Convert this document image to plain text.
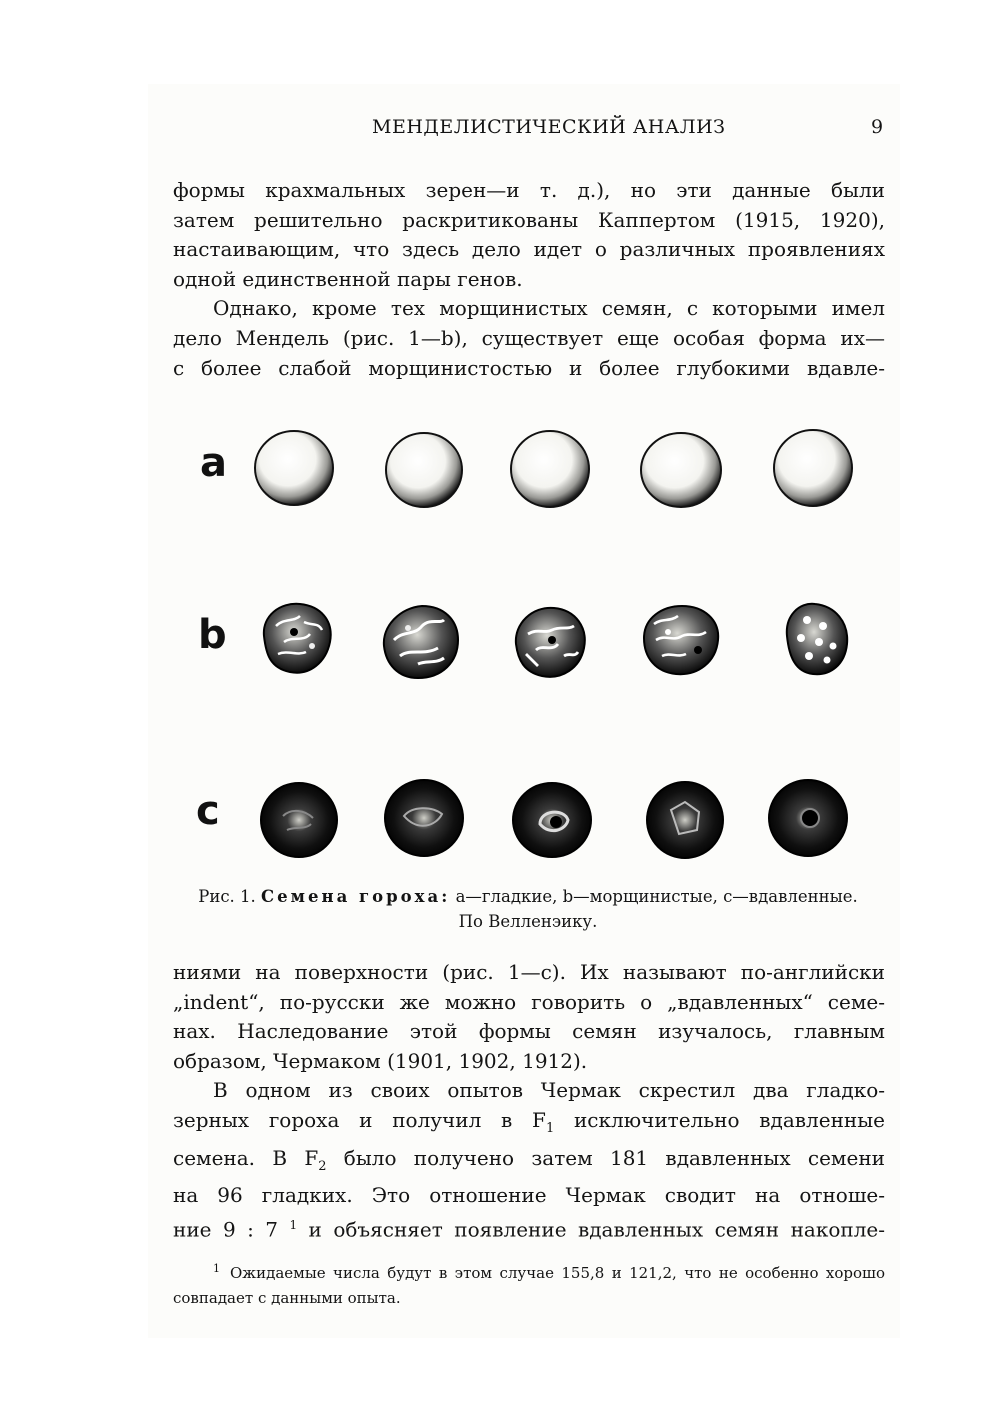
МЕНДЕЛИСТИЧЕСКИЙ АНАЛИЗ	9

формы крахмальных зерен—и т. д.), но эти данные были

затем решительно раскритикованы Каппертом (1915, 1920),

настаивающим, что здесь дело идет о различных проявлениях

одной единственной пары генов.

Однако, кроме тех морщинистых семян, с которыми имел

дело Мендель (рис. 1—b), существует еще особая форма их—

с более слабой морщинистостью и более глубокими вдавле-

a
b
c
Рис. 1. Семена гороха: a—гладкие, b—морщинистые, c—вдавленные.
По Велленэику.

ниями на поверхности (рис. 1—c). Их называют по-английски

„indent“, по-русски же можно говорить о „вдавленных“ семе-

нах. Наследование этой формы семян изучалось, главным

образом, Чермаком (1901, 1902, 1912).

В одном из своих опытов Чермак скрестил два гладко-

зерных гороха и получил в $F_1$ исключительно вдавленные

семена. В $F_2$ было получено затем 181 вдавленных семени

на 96 гладких. Это отношение Чермак сводит на отноше-

ние 9 : 7 $^1$ и объясняет появление вдавленных семян накопле-

$^1$ Ожидаемые числа будут в этом случае 155,8 и 121,2, что не особенно хорошо совпадает с данными опыта.
